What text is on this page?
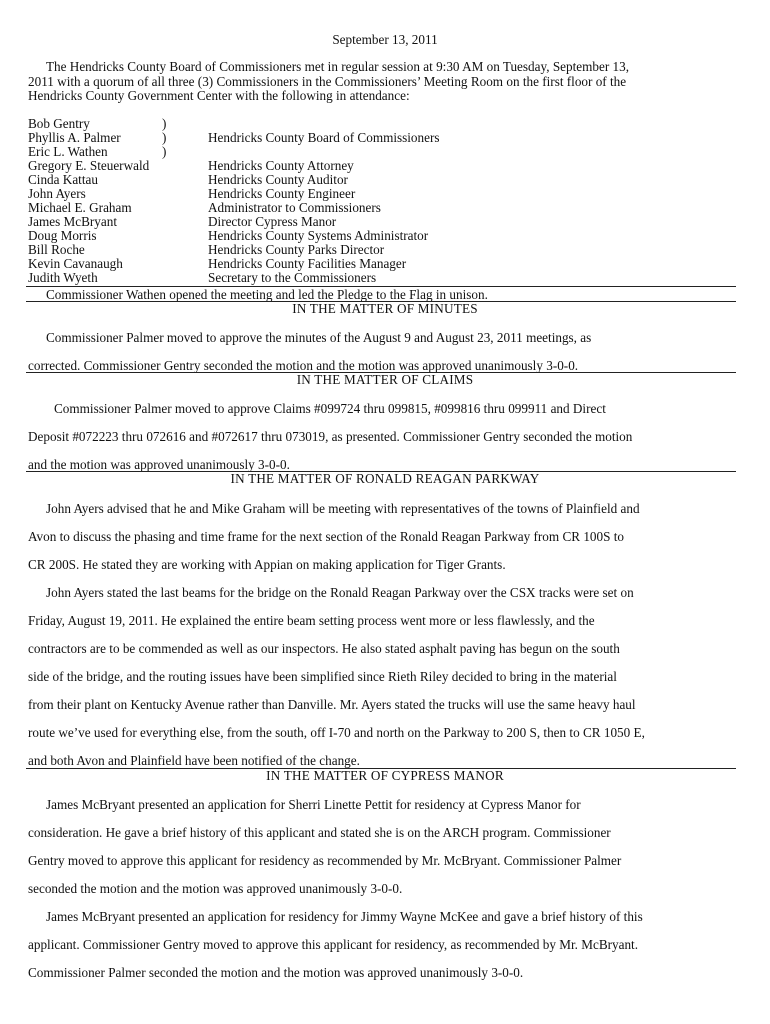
September 13, 2011
The Hendricks County Board of Commissioners met in regular session at 9:30 AM on Tuesday, September 13,
2011 with a quorum of all three (3) Commissioners in the Commissioners’ Meeting Room on the first floor of the
Hendricks County Government Center with the following in attendance:
Bob Gentry	)
Phyllis A. Palmer	)	Hendricks County Board of Commissioners
Eric L. Wathen	)
Gregory E. Steuerwald	Hendricks County Attorney
Cinda Kattau	Hendricks County Auditor
John Ayers	Hendricks County Engineer
Michael E. Graham	Administrator to Commissioners
James McBryant	Director Cypress Manor
Doug Morris	Hendricks County Systems Administrator
Bill Roche	Hendricks County Parks Director
Kevin Cavanaugh	Hendricks County Facilities Manager
Judith Wyeth	Secretary to the Commissioners
Commissioner Wathen opened the meeting and led the Pledge to the Flag in unison.
IN THE MATTER OF MINUTES
Commissioner Palmer moved to approve the minutes of the August 9 and August 23, 2011 meetings, as
corrected. Commissioner Gentry seconded the motion and the motion was approved unanimously 3-0-0.
IN THE MATTER OF CLAIMS
Commissioner Palmer moved to approve Claims #099724 thru 099815, #099816 thru 099911 and Direct
Deposit #072223 thru 072616 and #072617 thru 073019, as presented. Commissioner Gentry seconded the motion
and the motion was approved unanimously 3-0-0.
IN THE MATTER OF RONALD REAGAN PARKWAY
John Ayers advised that he and Mike Graham will be meeting with representatives of the towns of Plainfield and
Avon to discuss the phasing and time frame for the next section of the Ronald Reagan Parkway from CR 100S to
CR 200S. He stated they are working with Appian on making application for Tiger Grants.
John Ayers stated the last beams for the bridge on the Ronald Reagan Parkway over the CSX tracks were set on
Friday, August 19, 2011. He explained the entire beam setting process went more or less flawlessly, and the
contractors are to be commended as well as our inspectors. He also stated asphalt paving has begun on the south
side of the bridge, and the routing issues have been simplified since Rieth Riley decided to bring in the material
from their plant on Kentucky Avenue rather than Danville. Mr. Ayers stated the trucks will use the same heavy haul
route we’ve used for everything else, from the south, off I-70 and north on the Parkway to 200 S, then to CR 1050 E,
and both Avon and Plainfield have been notified of the change.
IN THE MATTER OF CYPRESS MANOR
James McBryant presented an application for Sherri Linette Pettit for residency at Cypress Manor for
consideration. He gave a brief history of this applicant and stated she is on the ARCH program. Commissioner
Gentry moved to approve this applicant for residency as recommended by Mr. McBryant. Commissioner Palmer
seconded the motion and the motion was approved unanimously 3-0-0.
James McBryant presented an application for residency for Jimmy Wayne McKee and gave a brief history of this
applicant. Commissioner Gentry moved to approve this applicant for residency, as recommended by Mr. McBryant.
Commissioner Palmer seconded the motion and the motion was approved unanimously 3-0-0.
